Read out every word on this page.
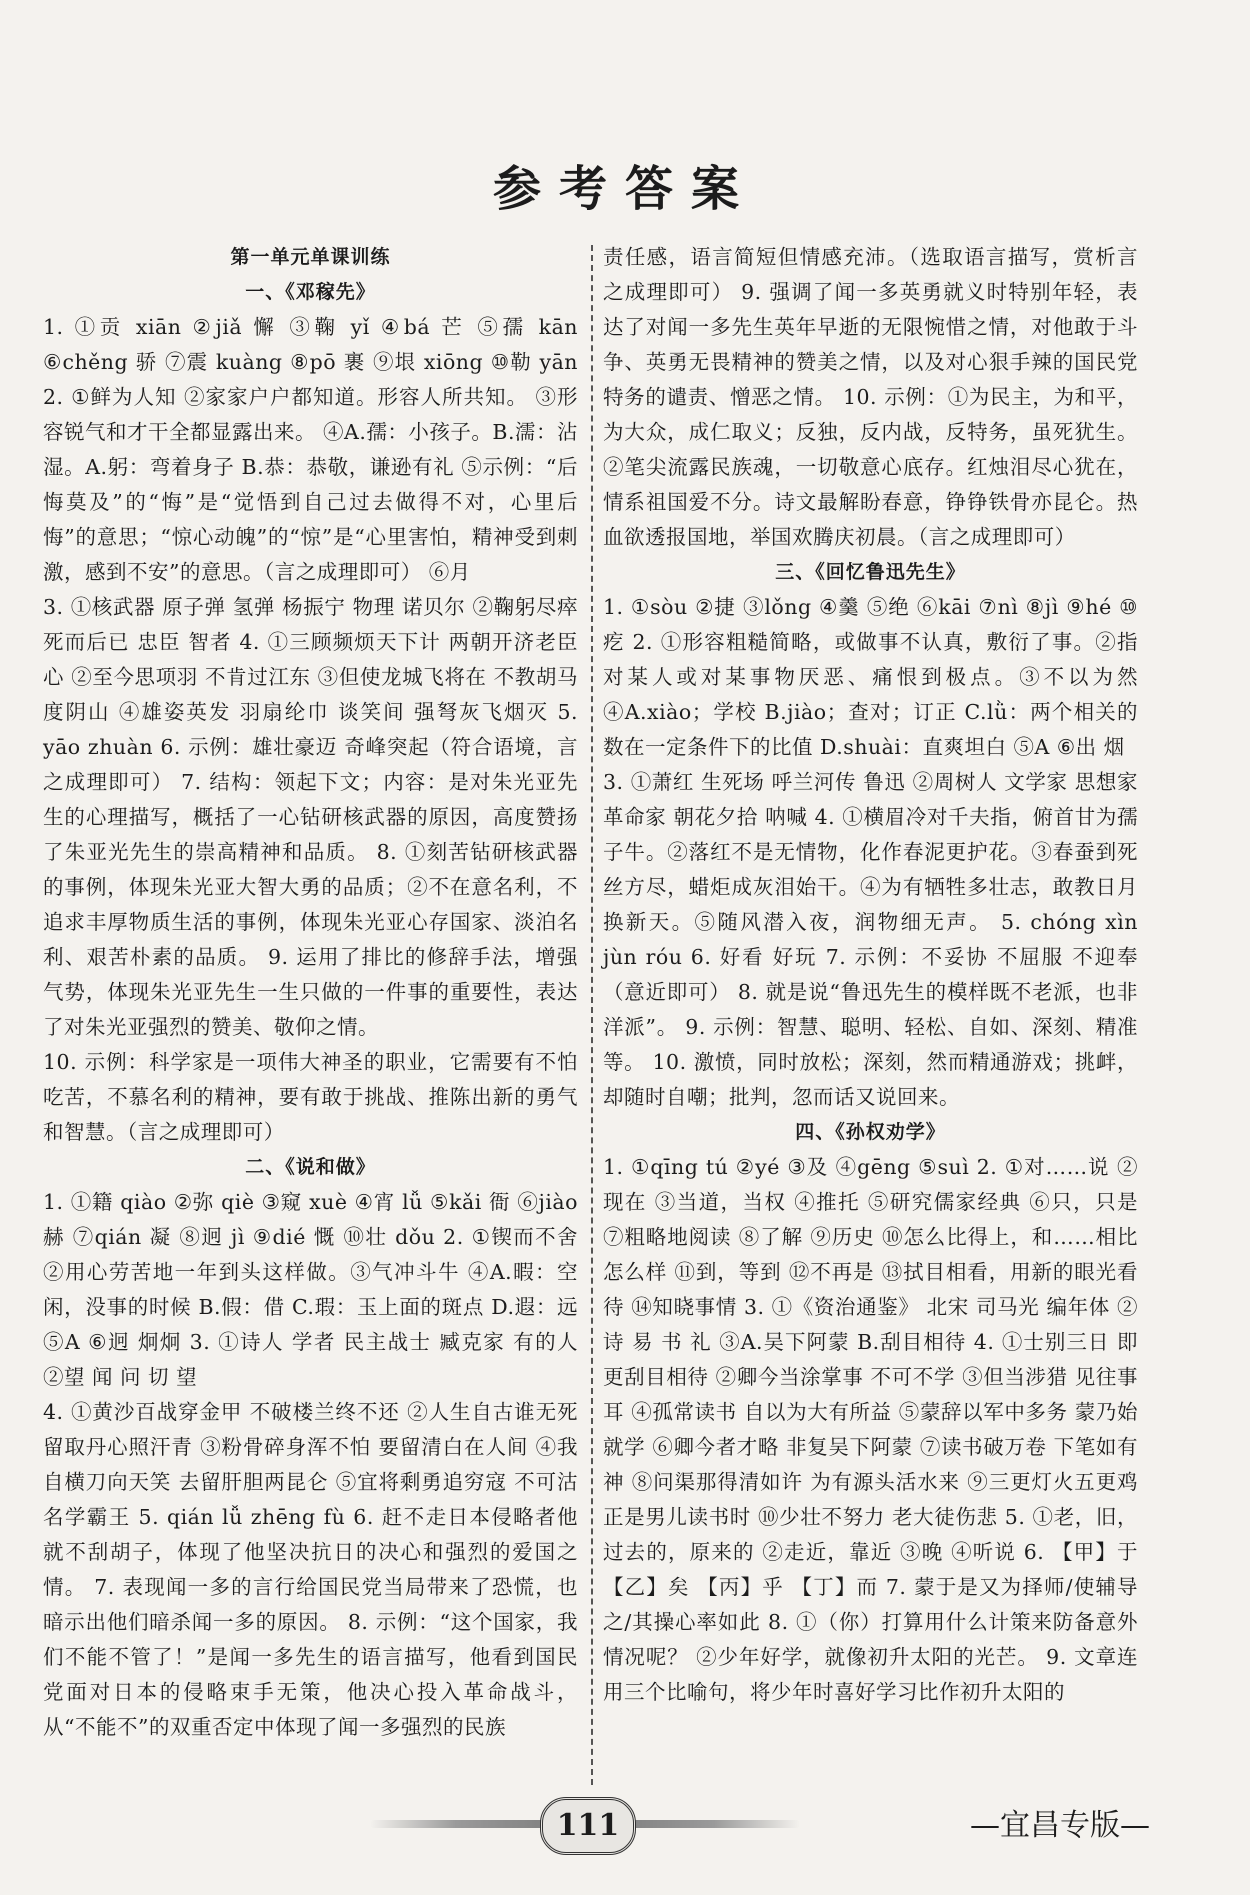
参考答案

第一单元单课训练

一、《邓稼先》

1. ①贡 xiān ②jiǎ 懈 ③鞠 yǐ ④bá 芒 ⑤孺 kān ⑥chěng 骄 ⑦震 kuàng ⑧pō 裹 ⑨垠 xiōng ⑩勒 yān 2. ①鲜为人知 ②家家户户都知道。形容人所共知。 ③形容锐气和才干全都显露出来。 ④A.孺：小孩子。B.濡：沾湿。A.躬：弯着身子 B.恭：恭敬，谦逊有礼 ⑤示例：“后悔莫及”的“悔”是“觉悟到自己过去做得不对，心里后悔”的意思；“惊心动魄”的“惊”是“心里害怕，精神受到刺激，感到不安”的意思。（言之成理即可） ⑥月

3. ①核武器 原子弹 氢弹 杨振宁 物理 诺贝尔 ②鞠躬尽瘁 死而后已 忠臣 智者 4. ①三顾频烦天下计 两朝开济老臣心 ②至今思项羽 不肯过江东 ③但使龙城飞将在 不教胡马度阴山 ④雄姿英发 羽扇纶巾 谈笑间 强弩灰飞烟灭 5. yāo zhuàn 6. 示例：雄壮豪迈 奇峰突起（符合语境，言之成理即可） 7. 结构：领起下文；内容：是对朱光亚先生的心理描写，概括了一心钻研核武器的原因，高度赞扬了朱亚光先生的崇高精神和品质。 8. ①刻苦钻研核武器的事例，体现朱光亚大智大勇的品质；②不在意名利，不追求丰厚物质生活的事例，体现朱光亚心存国家、淡泊名利、艰苦朴素的品质。 9. 运用了排比的修辞手法，增强气势，体现朱光亚先生一生只做的一件事的重要性，表达了对朱光亚强烈的赞美、敬仰之情。

10. 示例：科学家是一项伟大神圣的职业，它需要有不怕吃苦，不慕名利的精神，要有敢于挑战、推陈出新的勇气和智慧。（言之成理即可）

二、《说和做》

1. ①籍 qiào ②弥 qiè ③窥 xuè ④宵 lǚ ⑤kǎi 衙 ⑥jiào 赫 ⑦qián 凝 ⑧迥 jì ⑨dié 慨 ⑩壮 dǒu 2. ①锲而不舍 ②用心劳苦地一年到头这样做。③气冲斗牛 ④A.暇：空闲，没事的时候 B.假：借 C.瑕：玉上面的斑点 D.遐：远 ⑤A ⑥迥 炯炯 3. ①诗人 学者 民主战士 臧克家 有的人 ②望 闻 问 切 望

4. ①黄沙百战穿金甲 不破楼兰终不还 ②人生自古谁无死 留取丹心照汗青 ③粉骨碎身浑不怕 要留清白在人间 ④我自横刀向天笑 去留肝胆两昆仑 ⑤宜将剩勇追穷寇 不可沽名学霸王 5. qián lǚ zhēng fù 6. 赶不走日本侵略者他就不刮胡子，体现了他坚决抗日的决心和强烈的爱国之情。 7. 表现闻一多的言行给国民党当局带来了恐慌，也暗示出他们暗杀闻一多的原因。 8. 示例：“这个国家，我们不能不管了！”是闻一多先生的语言描写，他看到国民党面对日本的侵略束手无策，他决心投入革命战斗，从“不能不”的双重否定中体现了闻一多强烈的民族

责任感，语言简短但情感充沛。（选取语言描写，赏析言之成理即可） 9. 强调了闻一多英勇就义时特别年轻，表达了对闻一多先生英年早逝的无限惋惜之情，对他敢于斗争、英勇无畏精神的赞美之情，以及对心狠手辣的国民党特务的谴责、憎恶之情。 10. 示例：①为民主，为和平，为大众，成仁取义；反独，反内战，反特务，虽死犹生。②笔尖流露民族魂，一切敬意心底存。红烛泪尽心犹在，情系祖国爱不分。诗文最解盼春意，铮铮铁骨亦昆仑。热血欲透报国地，举国欢腾庆初晨。（言之成理即可）

三、《回忆鲁迅先生》

1. ①sòu ②捷 ③lǒng ④羹 ⑤绝 ⑥kāi ⑦nì ⑧jì ⑨hé ⑩疙 2. ①形容粗糙简略，或做事不认真，敷衍了事。②指对某人或对某事物厌恶、痛恨到极点。③不以为然 ④A.xiào；学校 B.jiào；查对；订正 C.lǜ：两个相关的数在一定条件下的比值 D.shuài：直爽坦白 ⑤A ⑥出 烟

3. ①萧红 生死场 呼兰河传 鲁迅 ②周树人 文学家 思想家 革命家 朝花夕拾 呐喊 4. ①横眉冷对千夫指，俯首甘为孺子牛。②落红不是无情物，化作春泥更护花。③春蚕到死丝方尽，蜡炬成灰泪始干。④为有牺牲多壮志，敢教日月换新天。⑤随风潜入夜，润物细无声。 5. chóng xìn jùn róu 6. 好看 好玩 7. 示例：不妥协 不屈服 不迎奉（意近即可） 8. 就是说“鲁迅先生的模样既不老派，也非洋派”。 9. 示例：智慧、聪明、轻松、自如、深刻、精准等。 10. 激愤，同时放松；深刻，然而精通游戏；挑衅，却随时自嘲；批判，忽而话又说回来。

四、《孙权劝学》

1. ①qīng tú ②yé ③及 ④gēng ⑤suì 2. ①对……说 ②现在 ③当道，当权 ④推托 ⑤研究儒家经典 ⑥只，只是 ⑦粗略地阅读 ⑧了解 ⑨历史 ⑩怎么比得上，和……相比怎么样 ⑪到，等到 ⑫不再是 ⑬拭目相看，用新的眼光看待 ⑭知晓事情 3. ①《资治通鉴》 北宋 司马光 编年体 ②诗 易 书 礼 ③A.吴下阿蒙 B.刮目相待 4. ①士别三日 即更刮目相待 ②卿今当涂掌事 不可不学 ③但当涉猎 见往事耳 ④孤常读书 自以为大有所益 ⑤蒙辞以军中多务 蒙乃始就学 ⑥卿今者才略 非复吴下阿蒙 ⑦读书破万卷 下笔如有神 ⑧问渠那得清如许 为有源头活水来 ⑨三更灯火五更鸡 正是男儿读书时 ⑩少壮不努力 老大徒伤悲 5. ①老，旧，过去的，原来的 ②走近，靠近 ③晚 ④听说 6. 【甲】于 【乙】矣 【丙】乎 【丁】而 7. 蒙于是又为择师/使辅导之/其操心率如此 8. ①（你）打算用什么计策来防备意外情况呢？ ②少年好学，就像初升太阳的光芒。 9. 文章连用三个比喻句，将少年时喜好学习比作初升太阳的

111	—宜昌专版—
